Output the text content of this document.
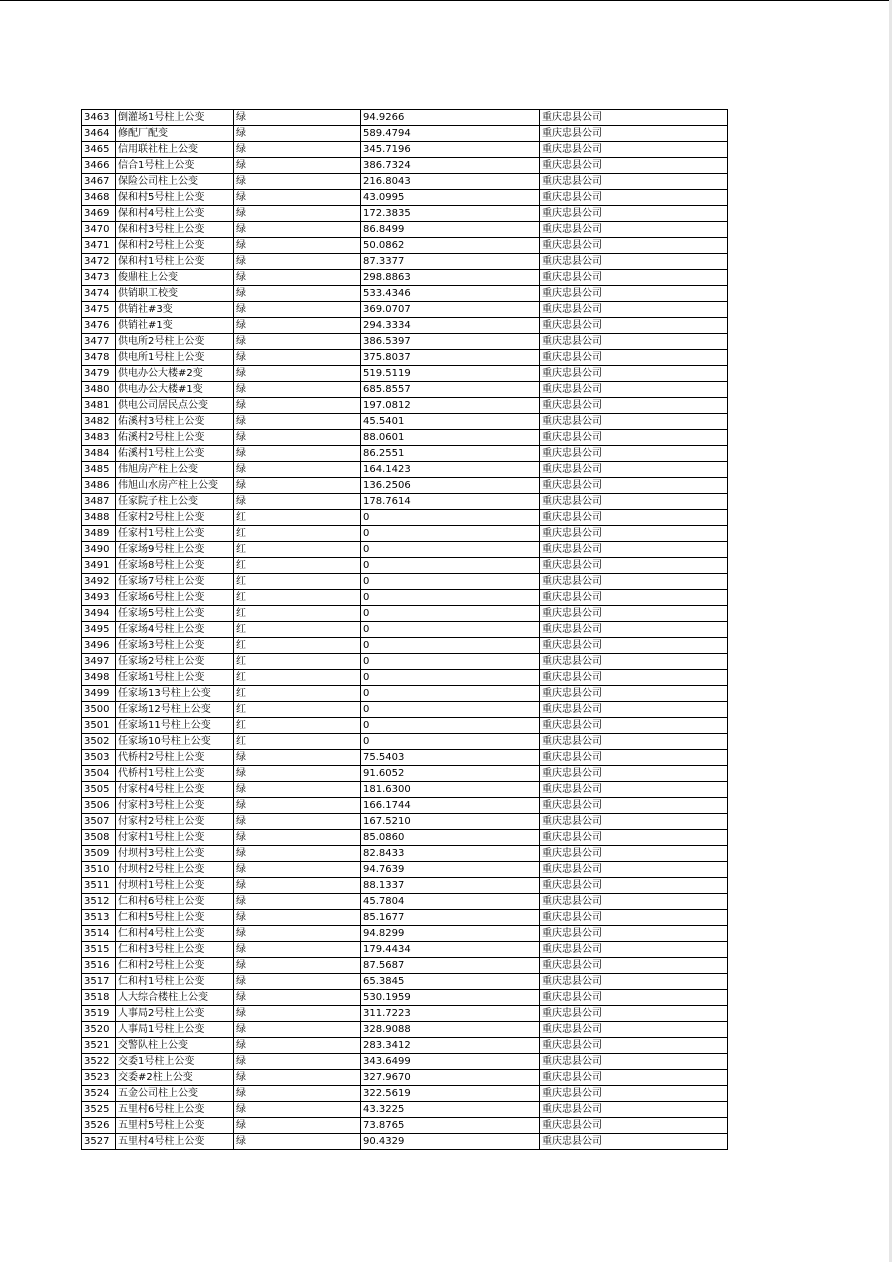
3463	倒灌场1号柱上公变	绿	94.9266	重庆忠县公司
3464	修配厂配变	绿	589.4794	重庆忠县公司
3465	信用联社柱上公变	绿	345.7196	重庆忠县公司
3466	信合1号柱上公变	绿	386.7324	重庆忠县公司
3467	保险公司柱上公变	绿	216.8043	重庆忠县公司
3468	保和村5号柱上公变	绿	43.0995	重庆忠县公司
3469	保和村4号柱上公变	绿	172.3835	重庆忠县公司
3470	保和村3号柱上公变	绿	86.8499	重庆忠县公司
3471	保和村2号柱上公变	绿	50.0862	重庆忠县公司
3472	保和村1号柱上公变	绿	87.3377	重庆忠县公司
3473	俊鼎柱上公变	绿	298.8863	重庆忠县公司
3474	供销职工校变	绿	533.4346	重庆忠县公司
3475	供销社#3变	绿	369.0707	重庆忠县公司
3476	供销社#1变	绿	294.3334	重庆忠县公司
3477	供电所2号柱上公变	绿	386.5397	重庆忠县公司
3478	供电所1号柱上公变	绿	375.8037	重庆忠县公司
3479	供电办公大楼#2变	绿	519.5119	重庆忠县公司
3480	供电办公大楼#1变	绿	685.8557	重庆忠县公司
3481	供电公司居民点公变	绿	197.0812	重庆忠县公司
3482	佑溪村3号柱上公变	绿	45.5401	重庆忠县公司
3483	佑溪村2号柱上公变	绿	88.0601	重庆忠县公司
3484	佑溪村1号柱上公变	绿	86.2551	重庆忠县公司
3485	伟旭房产柱上公变	绿	164.1423	重庆忠县公司
3486	伟旭山水房产柱上公变	绿	136.2506	重庆忠县公司
3487	任家院子柱上公变	绿	178.7614	重庆忠县公司
3488	任家村2号柱上公变	红	0	重庆忠县公司
3489	任家村1号柱上公变	红	0	重庆忠县公司
3490	任家场9号柱上公变	红	0	重庆忠县公司
3491	任家场8号柱上公变	红	0	重庆忠县公司
3492	任家场7号柱上公变	红	0	重庆忠县公司
3493	任家场6号柱上公变	红	0	重庆忠县公司
3494	任家场5号柱上公变	红	0	重庆忠县公司
3495	任家场4号柱上公变	红	0	重庆忠县公司
3496	任家场3号柱上公变	红	0	重庆忠县公司
3497	任家场2号柱上公变	红	0	重庆忠县公司
3498	任家场1号柱上公变	红	0	重庆忠县公司
3499	任家场13号柱上公变	红	0	重庆忠县公司
3500	任家场12号柱上公变	红	0	重庆忠县公司
3501	任家场11号柱上公变	红	0	重庆忠县公司
3502	任家场10号柱上公变	红	0	重庆忠县公司
3503	代桥村2号柱上公变	绿	75.5403	重庆忠县公司
3504	代桥村1号柱上公变	绿	91.6052	重庆忠县公司
3505	付家村4号柱上公变	绿	181.6300	重庆忠县公司
3506	付家村3号柱上公变	绿	166.1744	重庆忠县公司
3507	付家村2号柱上公变	绿	167.5210	重庆忠县公司
3508	付家村1号柱上公变	绿	85.0860	重庆忠县公司
3509	付坝村3号柱上公变	绿	82.8433	重庆忠县公司
3510	付坝村2号柱上公变	绿	94.7639	重庆忠县公司
3511	付坝村1号柱上公变	绿	88.1337	重庆忠县公司
3512	仁和村6号柱上公变	绿	45.7804	重庆忠县公司
3513	仁和村5号柱上公变	绿	85.1677	重庆忠县公司
3514	仁和村4号柱上公变	绿	94.8299	重庆忠县公司
3515	仁和村3号柱上公变	绿	179.4434	重庆忠县公司
3516	仁和村2号柱上公变	绿	87.5687	重庆忠县公司
3517	仁和村1号柱上公变	绿	65.3845	重庆忠县公司
3518	人大综合楼柱上公变	绿	530.1959	重庆忠县公司
3519	人事局2号柱上公变	绿	311.7223	重庆忠县公司
3520	人事局1号柱上公变	绿	328.9088	重庆忠县公司
3521	交警队柱上公变	绿	283.3412	重庆忠县公司
3522	交委1号柱上公变	绿	343.6499	重庆忠县公司
3523	交委#2柱上公变	绿	327.9670	重庆忠县公司
3524	五金公司柱上公变	绿	322.5619	重庆忠县公司
3525	五里村6号柱上公变	绿	43.3225	重庆忠县公司
3526	五里村5号柱上公变	绿	73.8765	重庆忠县公司
3527	五里村4号柱上公变	绿	90.4329	重庆忠县公司
